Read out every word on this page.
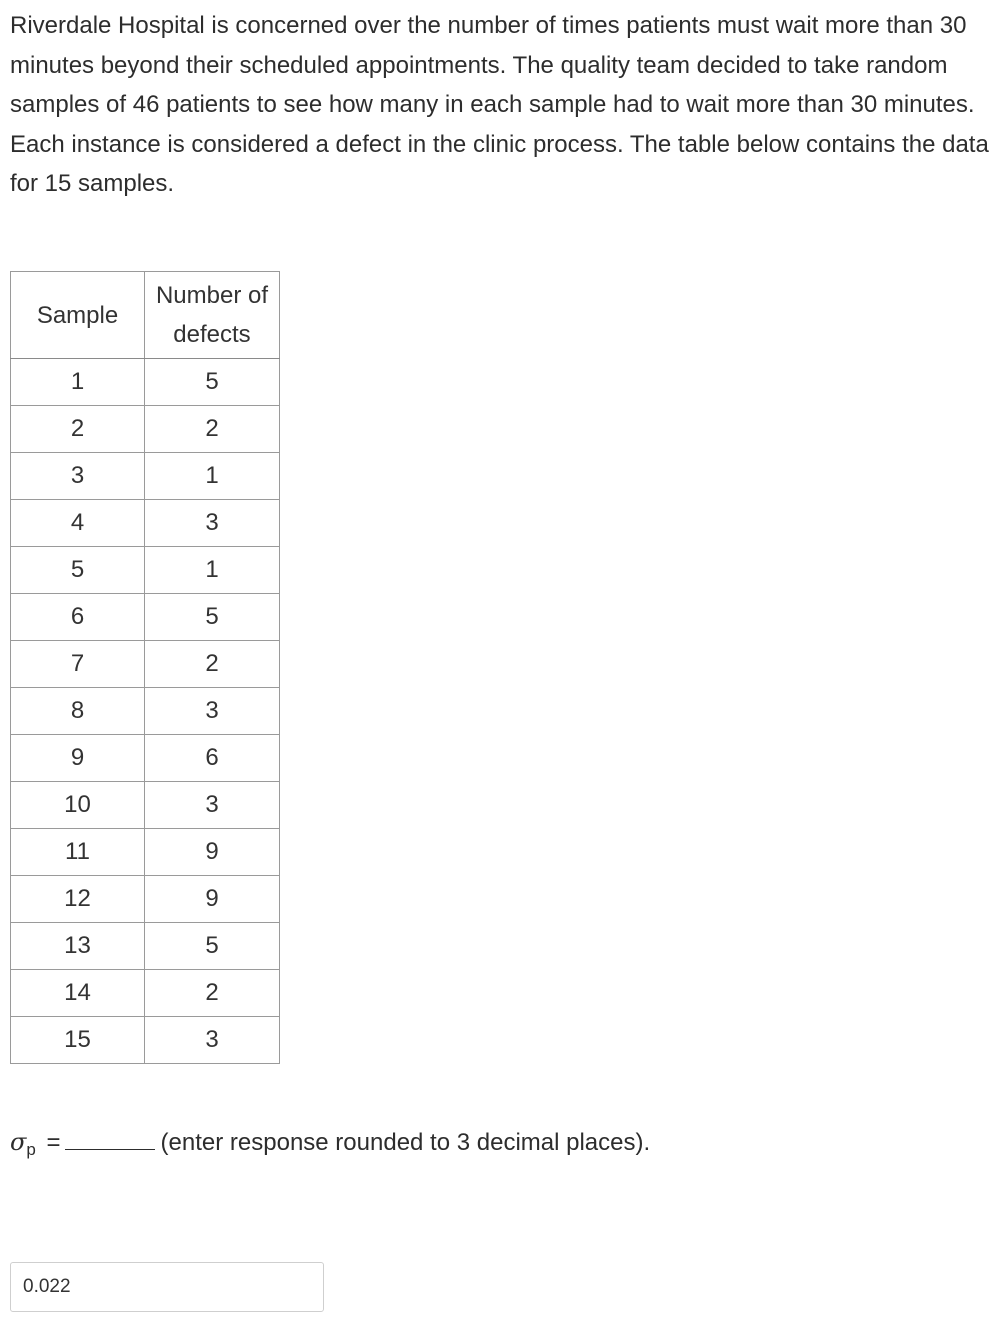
Riverdale Hospital is concerned over the number of times patients must wait more than 30 minutes beyond their scheduled appointments. The quality team decided to take random samples of 46 patients to see how many in each sample had to wait more than 30 minutes. Each instance is considered a defect in the clinic process. The table below contains the data for 15 samples.

Sample	Number of defects
1	5
2	2
3	1
4	3
5	1
6	5
7	2
8	3
9	6
10	3
11	9
12	9
13	5
14	2
15	3
$\sigma_p$ =	(enter response rounded to 3 decimal places).
0.022
